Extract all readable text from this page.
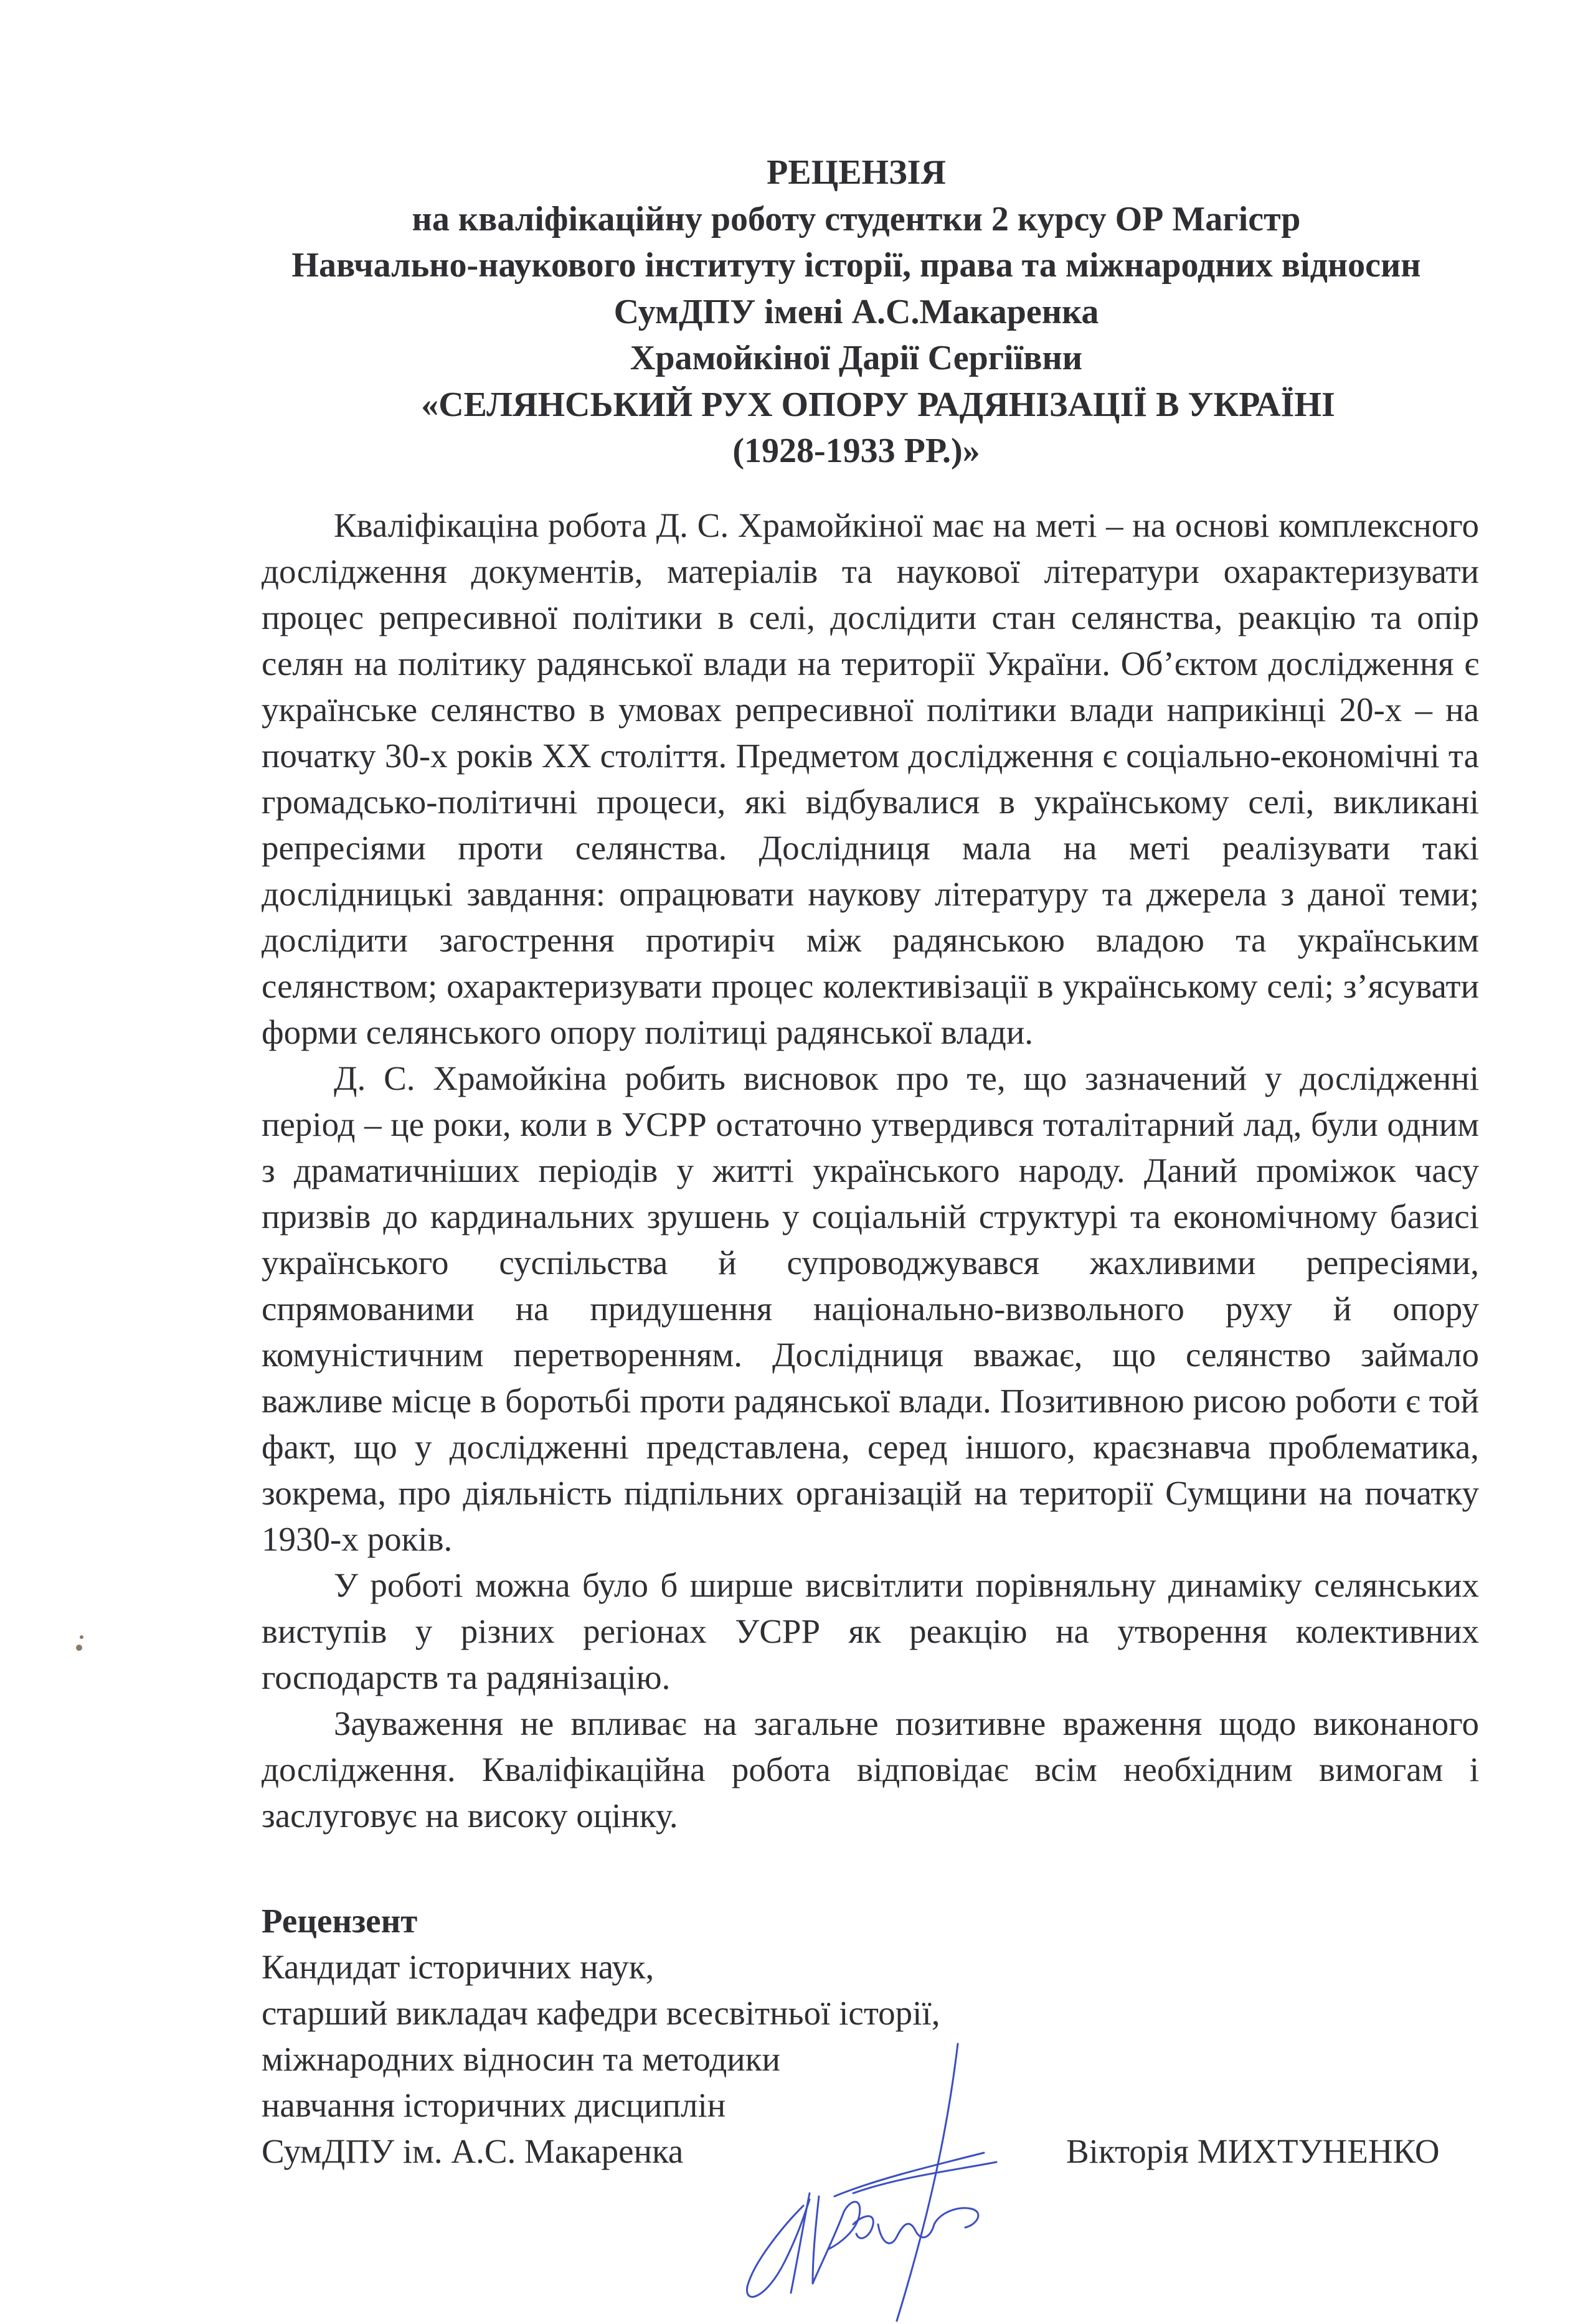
РЕЦЕНЗІЯ
на кваліфікаційну роботу студентки 2 курсу ОР Магістр
Навчально-наукового інституту історії, права та міжнародних відносин
СумДПУ імені А.С.Макаренка
Храмойкіної Дарії Сергіївни
«СЕЛЯНСЬКИЙ РУХ ОПОРУ РАДЯНІЗАЦІЇ В УКРАЇНІ
(1928-1933 РР.)»

Кваліфікаціна робота Д. С. Храмойкіної має на меті – на основі комплексного дослідження документів, матеріалів та наукової літератури охарактеризувати процес репресивної політики в селі, дослідити стан селянства, реакцію та опір селян на політику радянської влади на території України. Об’єктом дослідження є українське селянство в умовах репресивної політики влади наприкінці 20-х – на початку 30-х років XX століття. Предметом дослідження є соціально-економічні та громадсько-політичні процеси, які відбувалися в українському селі, викликані репресіями проти селянства. Дослідниця мала на меті реалізувати такі дослідницькі завдання: опрацювати наукову літературу та джерела з даної теми; дослідити загострення протиріч між радянською владою та українським селянством; охарактеризувати процес колективізації в українському селі; з’ясувати форми селянського опору політиці радянської влади.

Д. С. Храмойкіна робить висновок про те, що зазначений у дослідженні період – це роки, коли в УСРР остаточно утвердився тоталітарний лад, були одним з драматичніших періодів у житті українського народу. Даний проміжок часу призвів до кардинальних зрушень у соціальній структурі та економічному базисі українського суспільства й супроводжувався жахливими репресіями, спрямованими на придушення національно-визвольного руху й опору комуністичним перетворенням. Дослідниця вважає, що селянство займало важливе місце в боротьбі проти радянської влади. Позитивною рисою роботи є той факт, що у дослідженні представлена, серед іншого, краєзнавча проблематика, зокрема, про діяльність підпільних організацій на території Сумщини на початку 1930-х років.

У роботі можна було б ширше висвітлити порівняльну динаміку селянських виступів у різних регіонах УСРР як реакцію на утворення колективних господарств та радянізацію.

Зауваження не впливає на загальне позитивне враження щодо виконаного дослідження. Кваліфікаційна робота відповідає всім необхідним вимогам і заслуговує на високу оцінку.

Рецензент
Кандидат історичних наук,
старший викладач кафедри всесвітньої історії,
міжнародних відносин та методики
навчання історичних дисциплін
СумДПУ ім. А.С. Макаренка	Вікторія МИХТУНЕНКО
